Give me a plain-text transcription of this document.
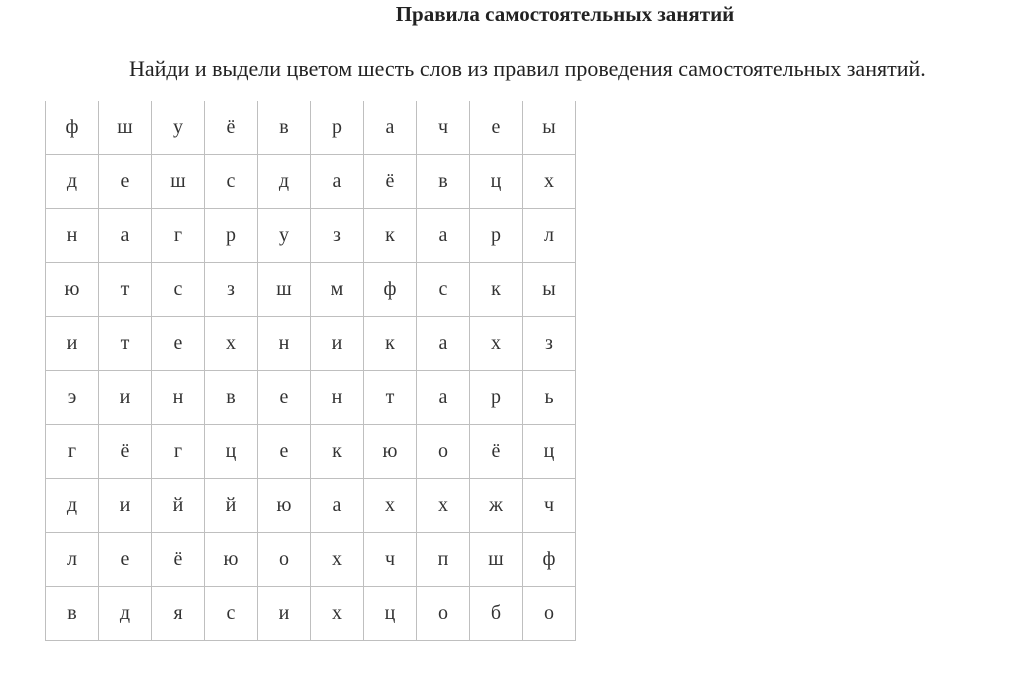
Правила самостоятельных занятий
Найди и выдели цветом шесть слов из правил проведения самостоятельных занятий.
ф	ш	у	ё	в	р	а	ч	е	ы
д	е	ш	с	д	а	ё	в	ц	х
н	а	г	р	у	з	к	а	р	л
ю	т	с	з	ш	м	ф	с	к	ы
и	т	е	х	н	и	к	а	х	з
э	и	н	в	е	н	т	а	р	ь
г	ё	г	ц	е	к	ю	о	ё	ц
д	и	й	й	ю	а	х	х	ж	ч
л	е	ё	ю	о	х	ч	п	ш	ф
в	д	я	с	и	х	ц	о	б	о
